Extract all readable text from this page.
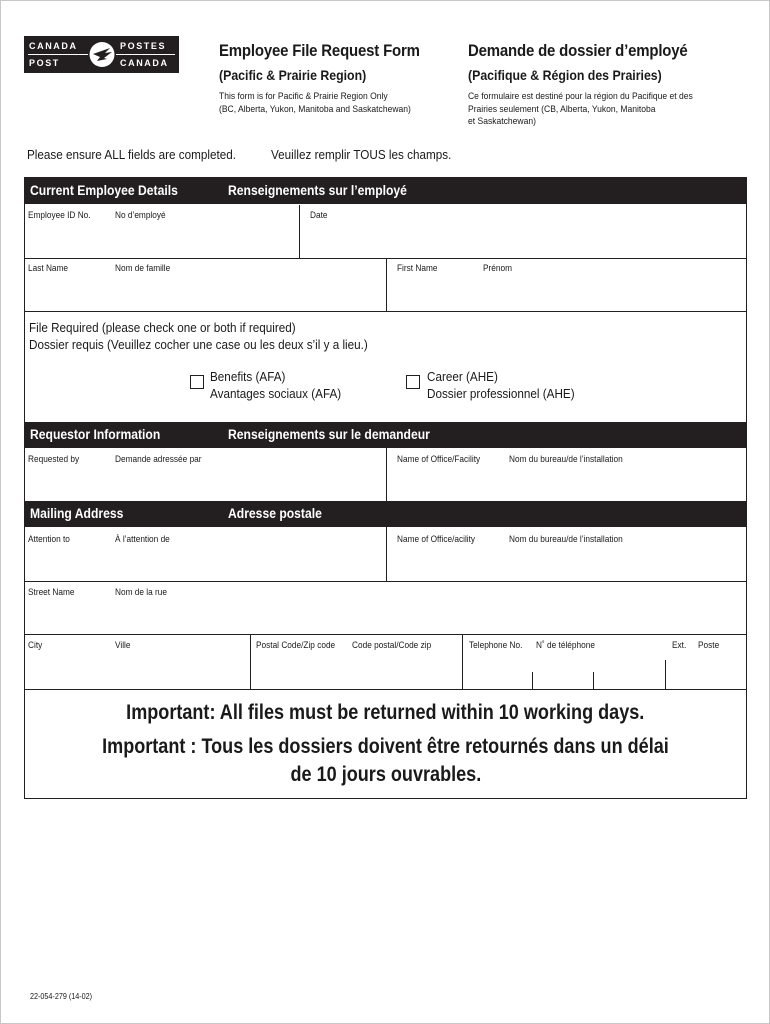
CANADA	POSTES
POST	CANADA
Employee File Request Form
(Pacific & Prairie Region)
This form is for Pacific & Prairie Region Only
(BC, Alberta, Yukon, Manitoba and Saskatchewan)
Demande de dossier d’employé
(Pacifique & Région des Prairies)
Ce formulaire est destiné pour la région du Pacifique et des
Prairies seulement (CB, Alberta, Yukon, Manitoba
et Saskatchewan)
Please ensure ALL fields are completed.	Veuillez remplir TOUS les champs.
Current Employee Details	Renseignements sur l’employé
Employee ID No.	No d’employé	Date
Last Name	Nom de famille	First Name	Prénom
File Required (please check one or both if required)
Dossier requis (Veuillez cocher une case ou les deux s’il y a lieu.)
Benefits (AFA)
Avantages sociaux (AFA)
Career (AHE)
Dossier professionnel (AHE)
Requestor Information	Renseignements sur le demandeur
Requested by	Demande adressée par	Name of Office/Facility	Nom du bureau/de l’installation
Mailing Address	Adresse postale
Attention to	À l’attention de	Name of Office/acility	Nom du bureau/de l’installation
Street Name	Nom de la rue
City	Ville	Postal Code/Zip code Code postal/Code zip	Telephone No. N˚ de téléphone	Ext. Poste
Important: All files must be returned within 10 working days.
Important : Tous les dossiers doivent être retournés dans un délai
de 10 jours ouvrables.
22-054-279 (14-02)
